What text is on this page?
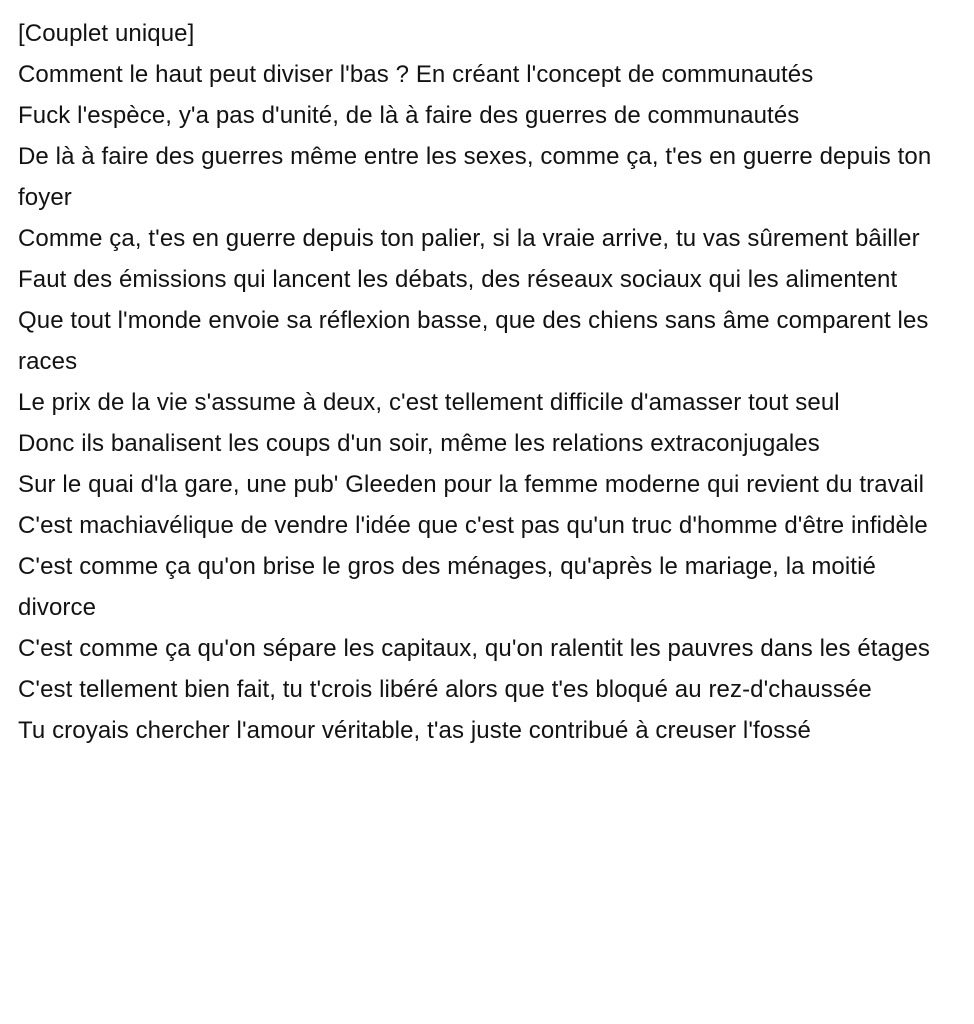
[Couplet unique]
Comment le haut peut diviser l'bas ? En créant l'concept de communautés
Fuck l'espèce, y'a pas d'unité, de là à faire des guerres de communautés
De là à faire des guerres même entre les sexes, comme ça, t'es en guerre depuis ton foyer
Comme ça, t'es en guerre depuis ton palier, si la vraie arrive, tu vas sûrement bâiller
Faut des émissions qui lancent les débats, des réseaux sociaux qui les alimentent
Que tout l'monde envoie sa réflexion basse, que des chiens sans âme comparent les races
Le prix de la vie s'assume à deux, c'est tellement difficile d'amasser tout seul
Donc ils banalisent les coups d'un soir, même les relations extraconjugales
Sur le quai d'la gare, une pub' Gleeden pour la femme moderne qui revient du travail
C'est machiavélique de vendre l'idée que c'est pas qu'un truc d'homme d'être infidèle
C'est comme ça qu'on brise le gros des ménages, qu'après le mariage, la moitié divorce
C'est comme ça qu'on sépare les capitaux, qu'on ralentit les pauvres dans les étages
C'est tellement bien fait, tu t'crois libéré alors que t'es bloqué au rez-d'chaussée
Tu croyais chercher l'amour véritable, t'as juste contribué à creuser l'fossé
